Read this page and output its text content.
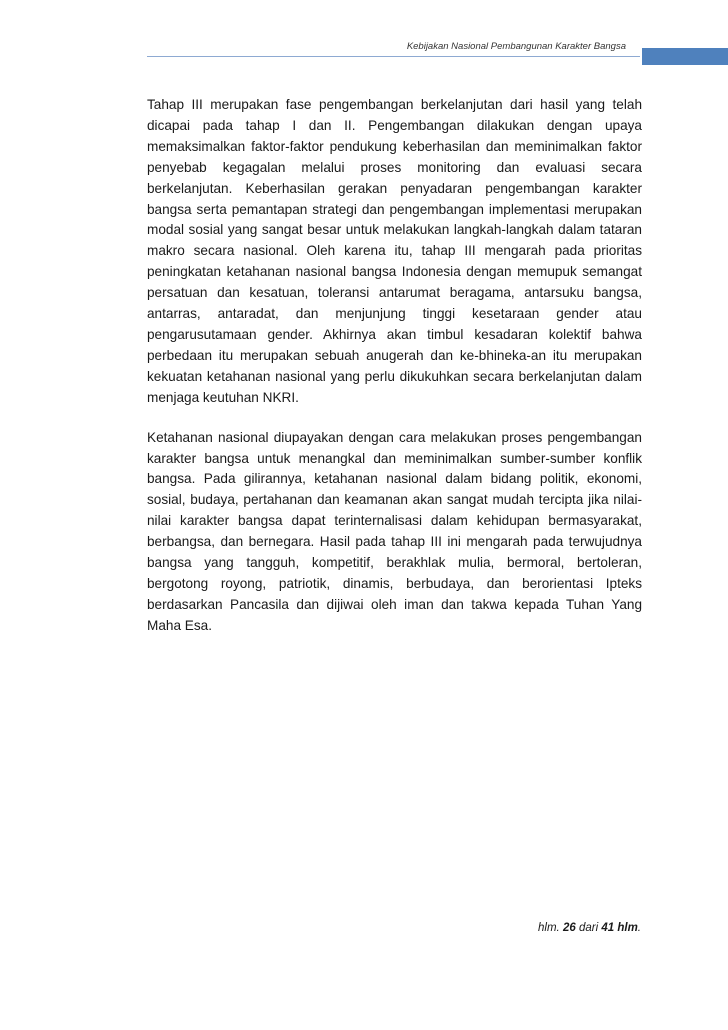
Kebijakan Nasional Pembangunan Karakter Bangsa

Tahap III merupakan fase pengembangan berkelanjutan dari hasil yang telah dicapai pada tahap I dan II. Pengembangan dilakukan dengan upaya memaksimalkan faktor-faktor pendukung keberhasilan dan meminimalkan faktor penyebab kegagalan melalui proses monitoring dan evaluasi secara berkelanjutan. Keberhasilan gerakan penyadaran pengembangan karakter bangsa serta pemantapan strategi dan pengembangan implementasi merupakan modal sosial yang sangat besar untuk melakukan langkah-langkah dalam tataran makro secara nasional. Oleh karena itu, tahap III mengarah pada prioritas peningkatan ketahanan nasional bangsa Indonesia dengan memupuk semangat persatuan dan kesatuan, toleransi antarumat beragama, antarsuku bangsa, antarras, antaradat, dan menjunjung tinggi kesetaraan gender atau pengarusutamaan gender. Akhirnya akan timbul kesadaran kolektif bahwa perbedaan itu merupakan sebuah anugerah dan ke-bhineka-an itu merupakan kekuatan ketahanan nasional yang perlu dikukuhkan secara berkelanjutan dalam menjaga keutuhan NKRI.

Ketahanan nasional diupayakan dengan cara melakukan proses pengembangan karakter bangsa untuk menangkal dan meminimalkan sumber-sumber konflik bangsa. Pada gilirannya, ketahanan nasional dalam bidang politik, ekonomi, sosial, budaya, pertahanan dan keamanan akan sangat mudah tercipta jika nilai-nilai karakter bangsa dapat terinternalisasi dalam kehidupan bermasyarakat, berbangsa, dan bernegara. Hasil pada tahap III ini mengarah pada terwujudnya bangsa yang tangguh, kompetitif, berakhlak mulia, bermoral, bertoleran, bergotong royong, patriotik, dinamis, berbudaya, dan berorientasi Ipteks berdasarkan Pancasila dan dijiwai oleh iman dan takwa kepada Tuhan Yang Maha Esa.

hlm. 26 dari 41 hlm.
